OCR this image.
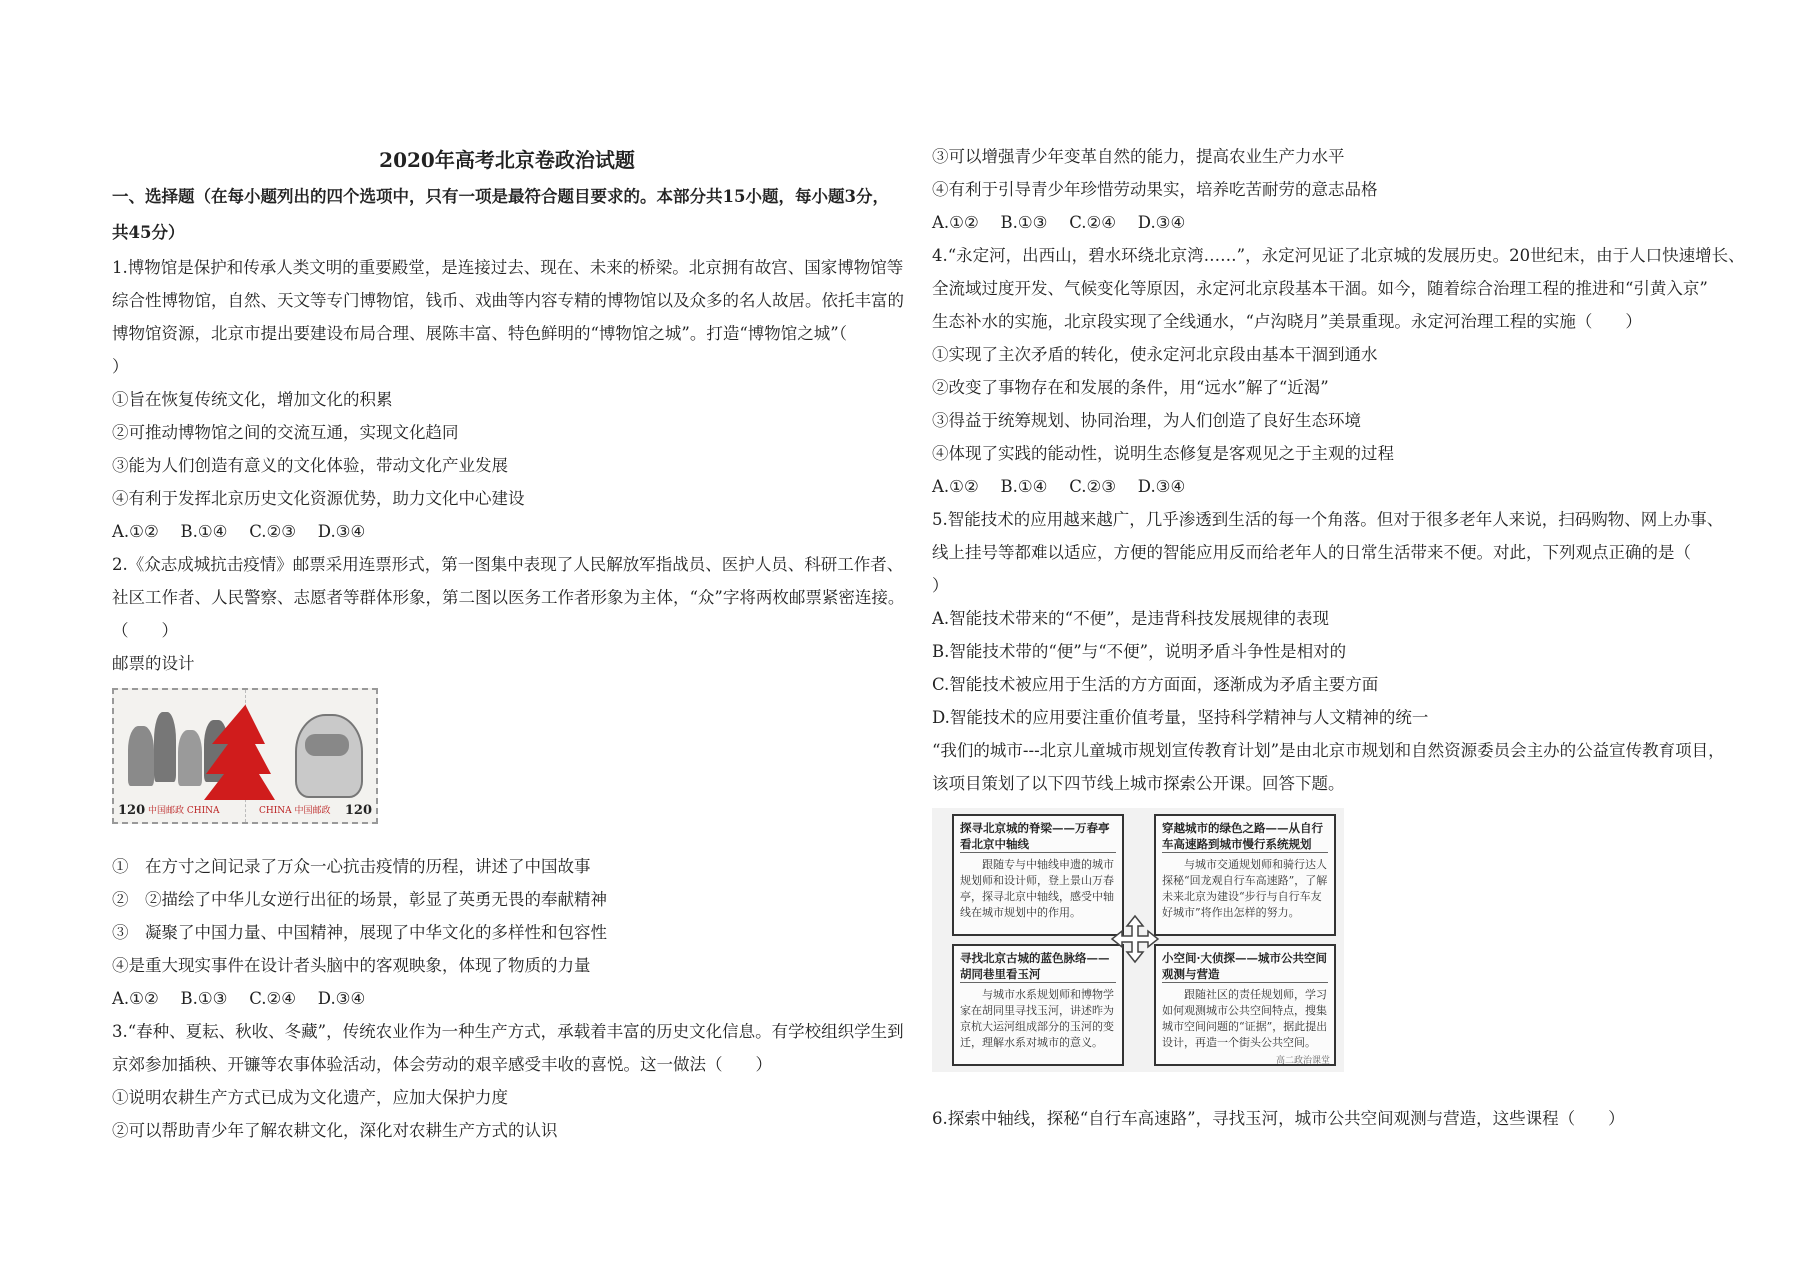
2020年高考北京卷政治试题

一、选择题（在每小题列出的四个选项中，只有一项是最符合题目要求的。本部分共15小题，每小题3分，共45分）

1.博物馆是保护和传承人类文明的重要殿堂，是连接过去、现在、未来的桥梁。北京拥有故宫、国家博物馆等

综合性博物馆，自然、天文等专门博物馆，钱币、戏曲等内容专精的博物馆以及众多的名人故居。依托丰富的

博物馆资源，北京市提出要建设布局合理、展陈丰富、特色鲜明的“博物馆之城”。打造“博物馆之城”（

）

①旨在恢复传统文化，增加文化的积累

②可推动博物馆之间的交流互通，实现文化趋同

③能为人们创造有意义的文化体验，带动文化产业发展

④有利于发挥北京历史文化资源优势，助力文化中心建设

A.①②　 B.①④　 C.②③　 D.③④

2.《众志成城抗击疫情》邮票采用连票形式，第一图集中表现了人民解放军指战员、医护人员、科研工作者、

社区工作者、人民警察、志愿者等群体形象，第二图以医务工作者形象为主体，“众”字将两枚邮票紧密连接。

（　　）

邮票的设计

120 中国邮政 CHINA	120
CHINA 中国邮政

①　在方寸之间记录了万众一心抗击疫情的历程，讲述了中国故事

②　②描绘了中华儿女逆行出征的场景，彰显了英勇无畏的奉献精神

③　凝聚了中国力量、中国精神，展现了中华文化的多样性和包容性

④是重大现实事件在设计者头脑中的客观映象，体现了物质的力量

A.①②　 B.①③　 C.②④　 D.③④

3.“春种、夏耘、秋收、冬藏”，传统农业作为一种生产方式，承载着丰富的历史文化信息。有学校组织学生到

京郊参加插秧、开镰等农事体验活动，体会劳动的艰辛感受丰收的喜悦。这一做法（　　）

①说明农耕生产方式已成为文化遗产，应加大保护力度

②可以帮助青少年了解农耕文化，深化对农耕生产方式的认识

③可以增强青少年变革自然的能力，提高农业生产力水平

④有利于引导青少年珍惜劳动果实，培养吃苦耐劳的意志品格

A.①②　 B.①③　 C.②④　 D.③④

4.“永定河，出西山，碧水环绕北京湾……”，永定河见证了北京城的发展历史。20世纪末，由于人口快速增长、

全流域过度开发、气候变化等原因，永定河北京段基本干涸。如今，随着综合治理工程的推进和“引黄入京”

生态补水的实施，北京段实现了全线通水，“卢沟晓月”美景重现。永定河治理工程的实施（　　）

①实现了主次矛盾的转化，使永定河北京段由基本干涸到通水

②改变了事物存在和发展的条件，用“远水”解了“近渴”

③得益于统筹规划、协同治理，为人们创造了良好生态环境

④体现了实践的能动性，说明生态修复是客观见之于主观的过程

A.①②　 B.①④　 C.②③　 D.③④

5.智能技术的应用越来越广，几乎渗透到生活的每一个角落。但对于很多老年人来说，扫码购物、网上办事、

线上挂号等都难以适应，方便的智能应用反而给老年人的日常生活带来不便。对此，下列观点正确的是（

）

A.智能技术带来的“不便”，是违背科技发展规律的表现

B.智能技术带的“便”与“不便”，说明矛盾斗争性是相对的

C.智能技术被应用于生活的方方面面，逐渐成为矛盾主要方面

D.智能技术的应用要注重价值考量，坚持科学精神与人文精神的统一

“我们的城市---北京儿童城市规划宣传教育计划”是由北京市规划和自然资源委员会主办的公益宣传教育项目，

该项目策划了以下四节线上城市探索公开课。回答下题。

探寻北京城的脊梁——万春亭看北京中轴线
跟随专与中轴线申遗的城市规划师和设计师，登上景山万春亭，探寻北京中轴线，感受中轴线在城市规划中的作用。
穿越城市的绿色之路——从自行车高速路到城市慢行系统规划
与城市交通规划师和骑行达人探秘“回龙观自行车高速路”，了解未来北京为建设“步行与自行车友好城市”将作出怎样的努力。
寻找北京古城的蓝色脉络——胡同巷里看玉河
与城市水系规划师和博物学家在胡同里寻找玉河，讲述昨为京杭大运河组成部分的玉河的变迁，理解水系对城市的意义。
小空间·大侦探——城市公共空间观测与营造
跟随社区的责任规划师，学习如何观测城市公共空间特点，搜集城市空间问题的“证据”，据此提出设计，再造一个街头公共空间。
高二政治课堂

6.探索中轴线，探秘“自行车高速路”，寻找玉河，城市公共空间观测与营造，这些课程（　　）
